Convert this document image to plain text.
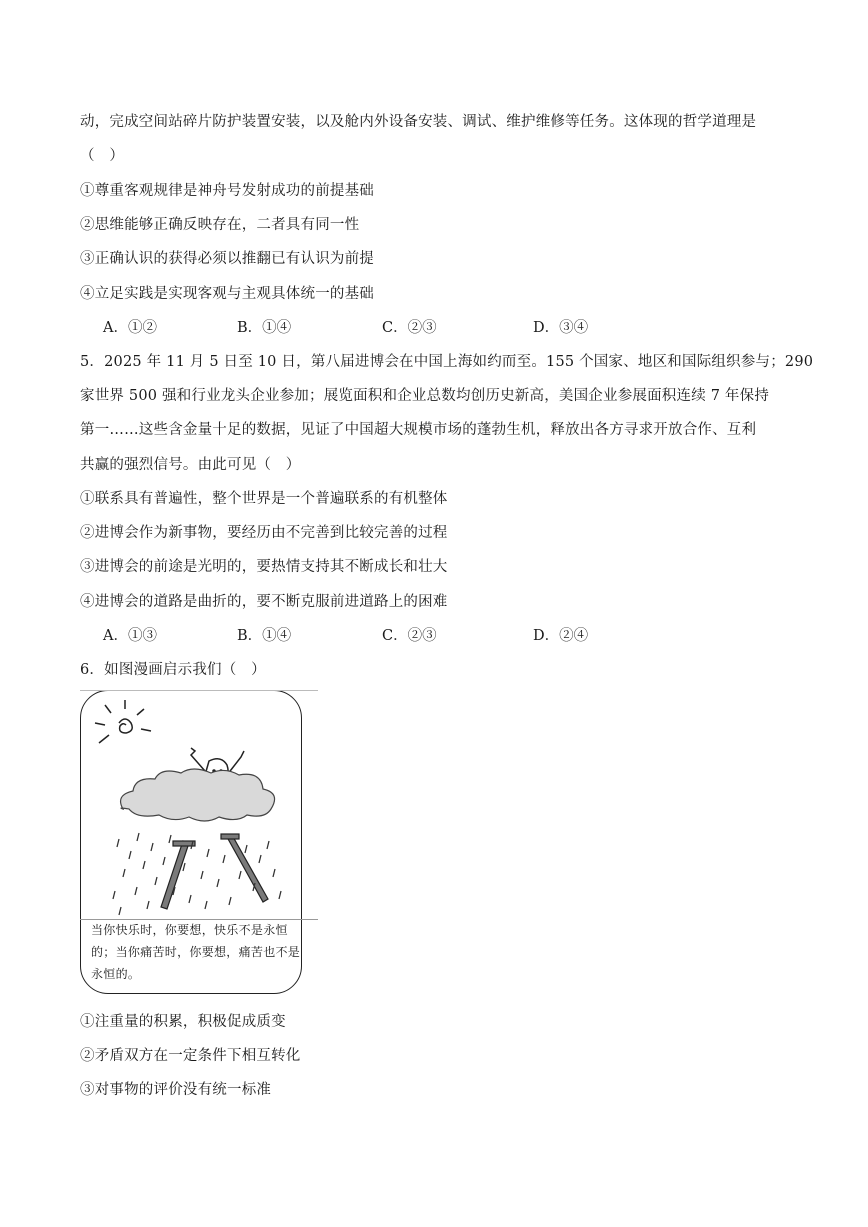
动，完成空间站碎片防护装置安装，以及舱内外设备安装、调试、维护维修等任务。这体现的哲学道理是
（　）
①尊重客观规律是神舟号发射成功的前提基础
②思维能够正确反映存在，二者具有同一性
③正确认识的获得必须以推翻已有认识为前提
④立足实践是实现客观与主观具体统一的基础
A．①②	B．①④	C．②③	D．③④
5．2025 年 11 月 5 日至 10 日，第八届进博会在中国上海如约而至。155 个国家、地区和国际组织参与；290
家世界 500 强和行业龙头企业参加；展览面积和企业总数均创历史新高，美国企业参展面积连续 7 年保持
第一……这些含金量十足的数据，见证了中国超大规模市场的蓬勃生机，释放出各方寻求开放合作、互利
共赢的强烈信号。由此可见（　）
①联系具有普遍性，整个世界是一个普遍联系的有机整体
②进博会作为新事物，要经历由不完善到比较完善的过程
③进博会的前途是光明的，要热情支持其不断成长和壮大
④进博会的道路是曲折的，要不断克服前进道路上的困难
A．①③	B．①④	C．②③	D．②④
6．如图漫画启示我们（　）
当你快乐时，你要想，快乐不是永恒的；当你痛苦时，你要想，痛苦也不是永恒的。
①注重量的积累，积极促成质变
②矛盾双方在一定条件下相互转化
③对事物的评价没有统一标准
